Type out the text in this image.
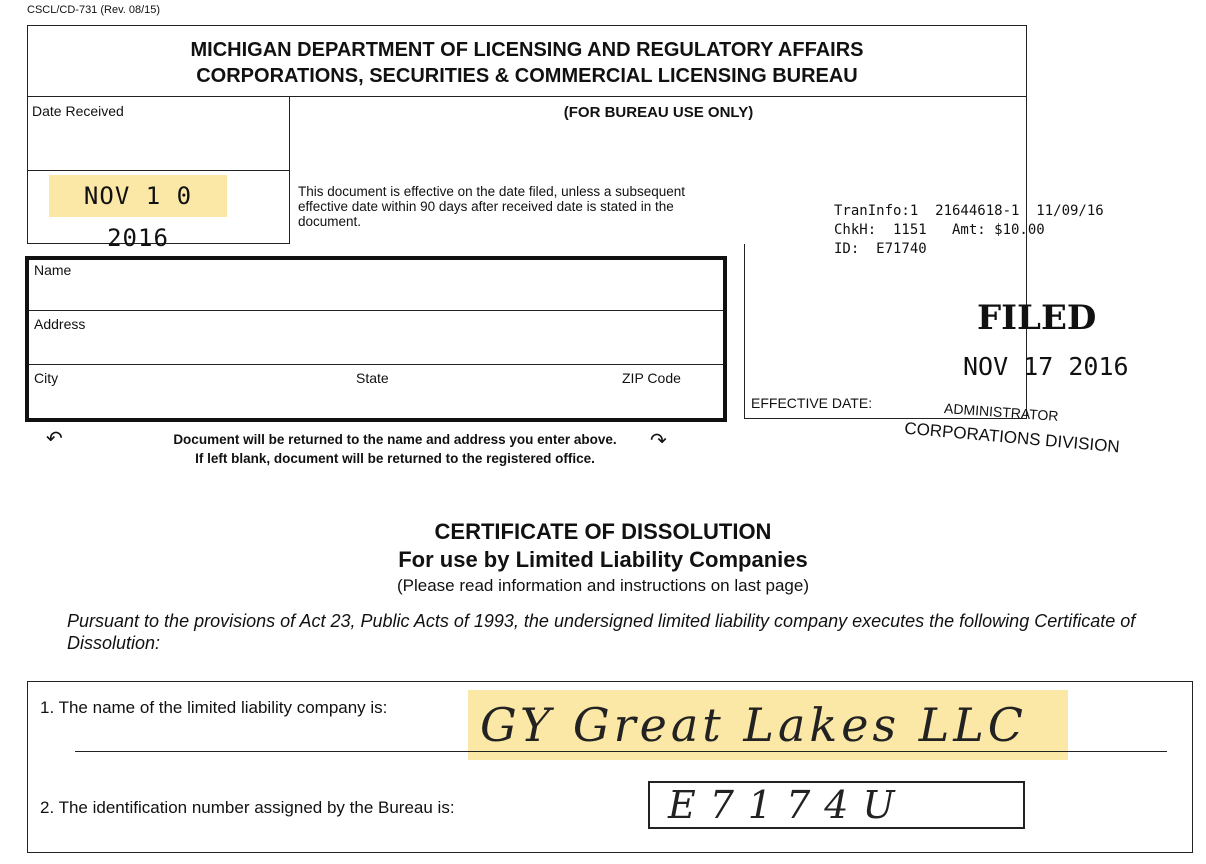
CSCL/CD-731 (Rev. 08/15)
MICHIGAN DEPARTMENT OF LICENSING AND REGULATORY AFFAIRS
CORPORATIONS, SECURITIES & COMMERCIAL LICENSING BUREAU
(FOR BUREAU USE ONLY)
Date Received
NOV 1 0 2016
This document is effective on the date filed, unless a subsequent effective date within 90 days after received date is stated in the document.
TranInfo:1  21644618-1  11/09/16
ChkH:  1151   Amt: $10.00
ID:  E71740
FILED
NOV 17 2016
ADMINISTRATOR
CORPORATIONS DIVISION
EFFECTIVE DATE:
Name
Address
City	State	ZIP Code
↶	Document will be returned to the name and address you enter above.
If left blank, document will be returned to the registered office.
↷
CERTIFICATE OF DISSOLUTION
For use by Limited Liability Companies
(Please read information and instructions on last page)
Pursuant to the provisions of Act 23, Public Acts of 1993, the undersigned limited liability company executes the following Certificate of Dissolution:
1. The name of the limited liability company is: GY Great Lakes LLC
2. The identification number assigned by the Bureau is:	E7174U
